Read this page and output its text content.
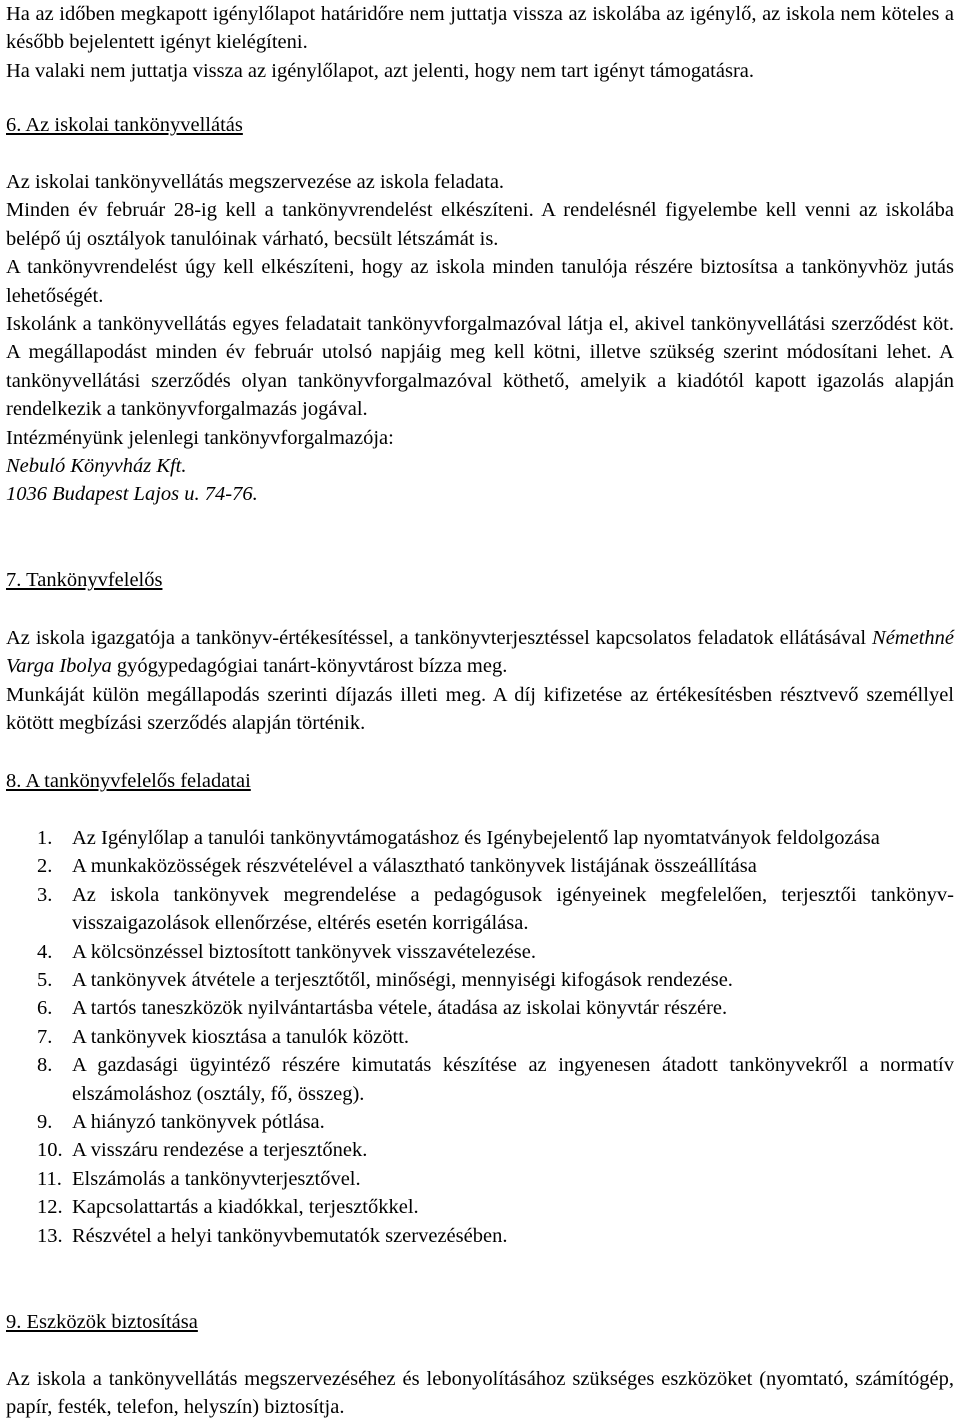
Ha az időben megkapott igénylőlapot határidőre nem juttatja vissza az iskolába az igénylő, az iskola nem köteles a később bejelentett igényt kielégíteni.

Ha valaki nem juttatja vissza az igénylőlapot, azt jelenti, hogy nem tart igényt támogatásra.

6. Az iskolai tankönyvellátás

Az iskolai tankönyvellátás megszervezése az iskola feladata.

Minden év február 28-ig kell a tankönyvrendelést elkészíteni. A rendelésnél figyelembe kell venni az iskolába belépő új osztályok tanulóinak várható, becsült létszámát is.

A tankönyvrendelést úgy kell elkészíteni, hogy az iskola minden tanulója részére biztosítsa a tankönyvhöz jutás lehetőségét.

Iskolánk a tankönyvellátás egyes feladatait tankönyvforgalmazóval látja el, akivel tankönyvellátási szerződést köt. A megállapodást minden év február utolsó napjáig meg kell kötni, illetve szükség szerint módosítani lehet. A tankönyvellátási szerződés olyan tankönyvforgalmazóval köthető, amelyik a kiadótól kapott igazolás alapján rendelkezik a tankönyvforgalmazás jogával.

Intézményünk jelenlegi tankönyvforgalmazója:

Nebuló Könyvház Kft.

1036 Budapest Lajos u. 74-76.

7. Tankönyvfelelős

Az iskola igazgatója a tankönyv-értékesítéssel, a tankönyvterjesztéssel kapcsolatos feladatok ellátásával Némethné Varga Ibolya gyógypedagógiai tanárt-könyvtárost bízza meg.

Munkáját külön megállapodás szerinti díjazás illeti meg. A díj kifizetése az értékesítésben résztvevő személlyel kötött megbízási szerződés alapján történik.

8. A tankönyvfelelős feladatai

1. Az Igénylőlap a tanulói tankönyvtámogatáshoz és Igénybejelentő lap nyomtatványok feldolgozása
2. A munkaközösségek részvételével a választható tankönyvek listájának összeállítása
3. Az iskola tankönyvek megrendelése a pedagógusok igényeinek megfelelően, terjesztői tankönyv-visszaigazolások ellenőrzése, eltérés esetén korrigálása.
4. A kölcsönzéssel biztosított tankönyvek visszavételezése.
5. A tankönyvek átvétele a terjesztőtől, minőségi, mennyiségi kifogások rendezése.
6. A tartós taneszközök nyilvántartásba vétele, átadása az iskolai könyvtár részére.
7. A tankönyvek kiosztása a tanulók között.
8. A gazdasági ügyintéző részére kimutatás készítése az ingyenesen átadott tankönyvekről a normatív elszámoláshoz (osztály, fő, összeg).
9. A hiányzó tankönyvek pótlása.
10. A visszáru rendezése a terjesztőnek.
11. Elszámolás a tankönyvterjesztővel.
12. Kapcsolattartás a kiadókkal, terjesztőkkel.
13. Részvétel a helyi tankönyvbemutatók szervezésében.

9. Eszközök biztosítása

Az iskola a tankönyvellátás megszervezéséhez és lebonyolításához szükséges eszközöket (nyomtató, számítógép, papír, festék, telefon, helyszín) biztosítja.
